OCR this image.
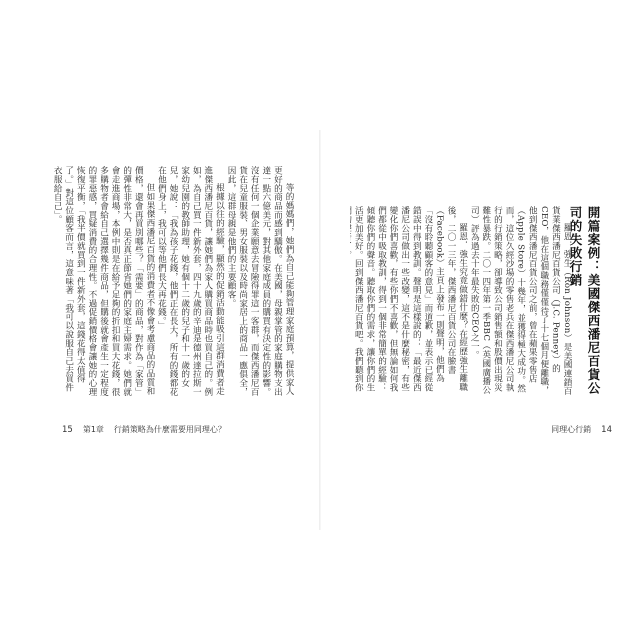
等的媽媽們，她們為自己能夠管理家庭預算，提供家人更好的商品而感到驕傲。在美國，母親掌管的家庭購物支出達一點六億美元，對其他家庭成員的購買有決定性的影響。沒有任何一個企業願意去冒險得罪這一客群，而傑西潘尼百貨在兒童服裝、男女服裝以及時尚家居上的商品一應俱全，因此，這群母親是他們的主要顧客。

根據以往的經驗，顯然的促銷活動能吸引這群消費者走進傑西潘尼百貨，讓她們為家人購買商品時也買自己的。例如，為自己買一件新外套，四十九歲的辛迪是德州達拉斯一家幼兒園的教師助理，她有個十二歲的兒子和十一歲的女兒，她說：「我為孩子花錢，他們正在長大，所有的錢都花在他們身上，我可以等他們長大再花錢。」

但如果傑西潘尼百貨的消費者不像會考慮商品的品質和價格，還會再買別哪些？「需要」的商品，對作為「家管」的彈性非常大，是否真正節省她們的家庭主婦需求。她們就會走進商場，本例中則是在給予足夠的折扣和買大花錢，很多購物者會給自己選擇幾件商品，但購後就會產生一定程度的罪惡感，買疑消費的合理性。不過促銷價格會讓她的心理恢復平衡，「我半價就買到一件新外套，這錢花得太值得了。」對這位顧客而言，這意味著「我可以說服自己去買件衣服給自己」。

15 第1章 行銷策略為什麼需要用同理心？
開篇案例：美國傑西潘尼百貨公司的失敗行銷

羅恩．強生（Ron Johnson）是美國連鎖百貨業傑西潘尼百貨公司（J.C. Penney）的CEO，他在這個職務僅僅待了十七個月便離職，他到傑西潘尼百貨公司之前，曾在蘋果零售店（Apple Store）十幾年，並獲得極大成功。然而，這位久經沙場的零售老兵在傑西潘尼公司執行的行銷策略，卻導致公司銷售額和股價出現災難性暴跌。二〇一四年第一季BBC（英國廣播公司）評為過去十年最失敗的CEO之一。

羅恩．強生究竟做錯什麼？在經歷強生離職後，二〇一三年，傑西潘尼百貨公司在臉書（Facebook）主頁上發布一則聲明，他們為「沒有聆聽顧客的意見」而道歉，並表示已經從錯誤中得到教訓。聲明是這樣說的：「最近傑西潘尼公司做出一些改變，這不是什麼秘密，有些變化你們喜歡，有些你們不喜歡，但無論如何我們都從中吸取教訓，得到一個非常簡單的經驗：傾聽你們的聲音。聽取你們的需求，讓你們的生活更加美好。回到傑西潘尼百貨吧。我們聽到你

同理心行銷 14
